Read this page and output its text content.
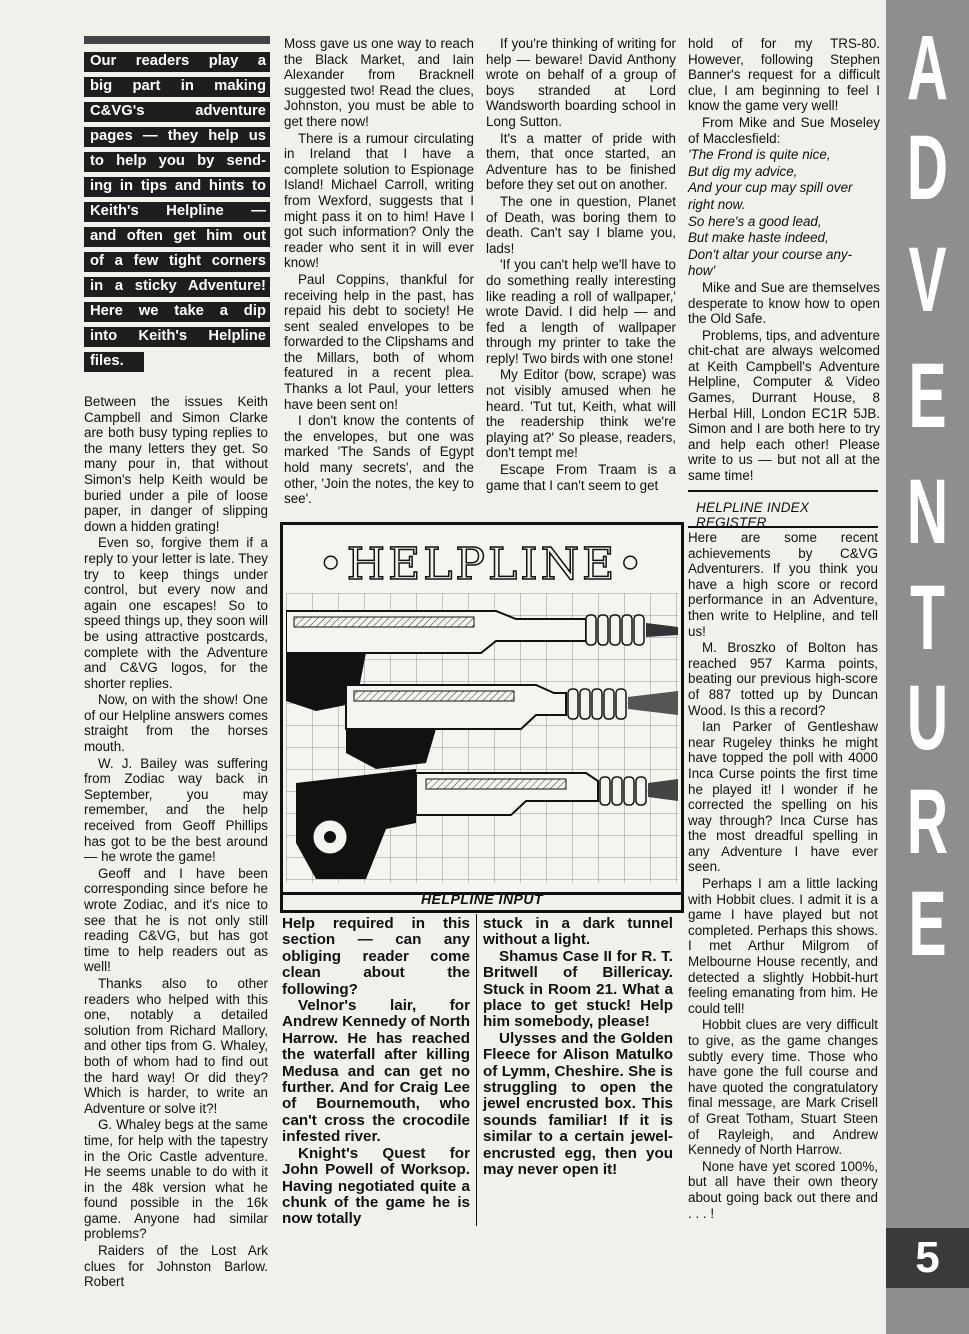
Our readers play a
big part in making
C&VG's adventure
pages — they help us
to help you by send-
ing in tips and hints to
Keith's Helpline —
and often get him out
of a few tight corners
in a sticky Adventure!
Here we take a dip
into Keith's Helpline
files.

Between the issues Keith Campbell and Simon Clarke are both busy typing replies to the many letters they get. So many pour in, that without Simon's help Keith would be buried under a pile of loose paper, in danger of slipping down a hidden grating!

Even so, forgive them if a reply to your letter is late. They try to keep things under control, but every now and again one escapes! So to speed things up, they soon will be using attractive postcards, complete with the Adventure and C&VG logos, for the shorter replies.

Now, on with the show! One of our Helpline answers comes straight from the horses mouth.

W. J. Bailey was suffering from Zodiac way back in September, you may remember, and the help received from Geoff Phillips has got to be the best around — he wrote the game!

Geoff and I have been corresponding since before he wrote Zodiac, and it's nice to see that he is not only still reading C&VG, but has got time to help readers out as well!

Thanks also to other readers who helped with this one, notably a detailed solution from Richard Mallory, and other tips from G. Whaley, both of whom had to find out the hard way! Or did they? Which is harder, to write an Adventure or solve it?!

G. Whaley begs at the same time, for help with the tapestry in the Oric Castle adventure. He seems unable to do with it in the 48k version what he found possible in the 16k game. Anyone had similar problems?

Raiders of the Lost Ark clues for Johnston Barlow. Robert

Moss gave us one way to reach the Black Market, and Iain Alexander from Bracknell suggested two! Read the clues, Johnston, you must be able to get there now!

There is a rumour circulating in Ireland that I have a complete solution to Espionage Island! Michael Carroll, writing from Wexford, suggests that I might pass it on to him! Have I got such information? Only the reader who sent it in will ever know!

Paul Coppins, thankful for receiving help in the past, has repaid his debt to society! He sent sealed envelopes to be forwarded to the Clipshams and the Millars, both of whom featured in a recent plea. Thanks a lot Paul, your letters have been sent on!

I don't know the contents of the envelopes, but one was marked 'The Sands of Egypt hold many secrets', and the other, 'Join the notes, the key to see'.

If you're thinking of writing for help — beware! David Anthony wrote on behalf of a group of boys stranded at Lord Wandsworth boarding school in Long Sutton.

It's a matter of pride with them, that once started, an Adventure has to be finished before they set out on another.

The one in question, Planet of Death, was boring them to death. Can't say I blame you, lads!

'If you can't help we'll have to do something really interesting like reading a roll of wallpaper,' wrote David. I did help — and fed a length of wallpaper through my printer to take the reply! Two birds with one stone!

My Editor (bow, scrape) was not visibly amused when he heard. 'Tut tut, Keith, what will the readership think we're playing at?' So please, readers, don't tempt me!

Escape From Traam is a game that I can't seem to get

hold of for my TRS-80. However, following Stephen Banner's request for a difficult clue, I am beginning to feel I know the game very well!

From Mike and Sue Moseley of Macclesfield:

'The Frond is quite nice,

But dig my advice,

And your cup may spill over

right now.

So here's a good lead,

But make haste indeed,

Don't altar your course any-

how'

Mike and Sue are themselves desperate to know how to open the Old Safe.

Problems, tips, and adventure chit-chat are always welcomed at Keith Campbell's Adventure Helpline, Computer & Video Games, Durrant House, 8 Herbal Hill, London EC1R 5JB. Simon and I are both here to try and help each other! Please write to us — but not all at the same time!

HELPLINE INDEX REGISTER

Here are some recent achievements by C&VG Adventurers. If you think you have a high score or record performance in an Adventure, then write to Helpline, and tell us!

M. Broszko of Bolton has reached 957 Karma points, beating our previous high-score of 887 totted up by Duncan Wood. Is this a record?

Ian Parker of Gentleshaw near Rugeley thinks he might have topped the poll with 4000 Inca Curse points the first time he played it! I wonder if he corrected the spelling on his way through? Inca Curse has the most dreadful spelling in any Adventure I have ever seen.

Perhaps I am a little lacking with Hobbit clues. I admit it is a game I have played but not completed. Perhaps this shows. I met Arthur Milgrom of Melbourne House recently, and detected a slightly Hobbit-hurt feeling emanating from him. He could tell!

Hobbit clues are very difficult to give, as the game changes subtly every time. Those who have gone the full course and have quoted the congratulatory final message, are Mark Crisell of Great Totham, Stuart Steen of Rayleigh, and Andrew Kennedy of North Harrow.

None have yet scored 100%, but all have their own theory about going back out there and . . . !

•HELPLINE•
HELPLINE INPUT

Help required in this section — can any obliging reader come clean about the following?

Velnor's lair, for Andrew Kennedy of North Harrow. He has reached the waterfall after killing Medusa and can get no further. And for Craig Lee of Bournemouth, who can't cross the crocodile infested river.

Knight's Quest for John Powell of Worksop. Having negotiated quite a chunk of the game he is now totally

stuck in a dark tunnel without a light.

Shamus Case II for R. T. Britwell of Billericay. Stuck in Room 21. What a place to get stuck! Help him somebody, please!

Ulysses and the Golden Fleece for Alison Matulko of Lymm, Cheshire. She is struggling to open the jewel encrusted box. This sounds familiar! If it is similar to a certain jewel-encrusted egg, then you may never open it!

A
D
V
E
N
T
U
R
E
5
